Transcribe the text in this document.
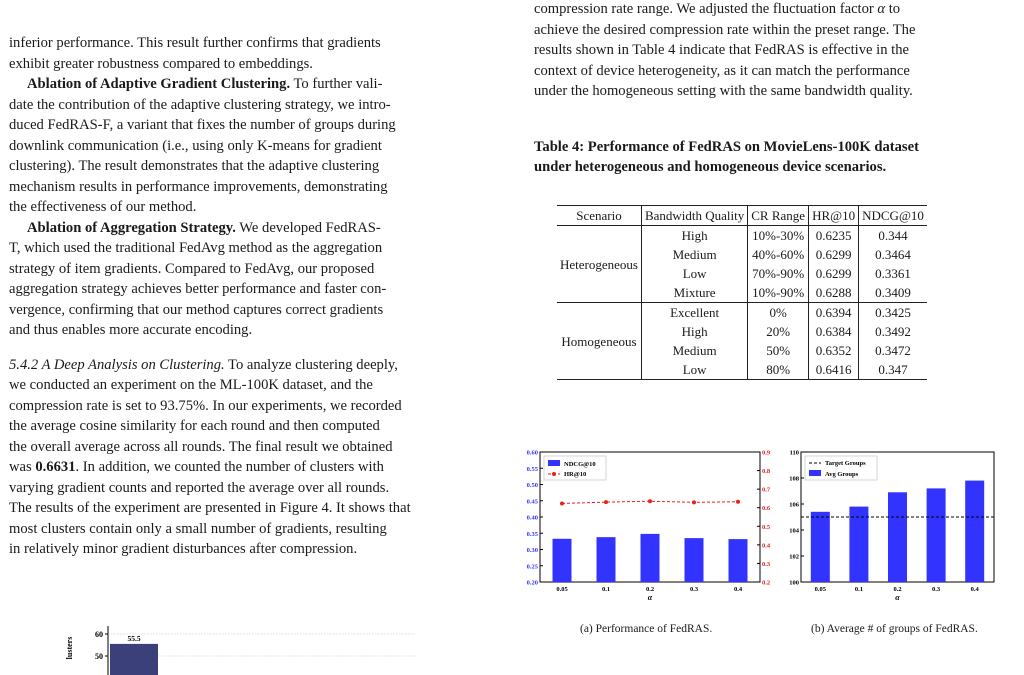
inferior performance. This result further confirms that gradients
exhibit greater robustness compared to embeddings.
Ablation of Adaptive Gradient Clustering. To further vali-
date the contribution of the adaptive clustering strategy, we intro-
duced FedRAS-F, a variant that fixes the number of groups during
downlink communication (i.e., using only K-means for gradient
clustering). The result demonstrates that the adaptive clustering
mechanism results in performance improvements, demonstrating
the effectiveness of our method.
Ablation of Aggregation Strategy. We developed FedRAS-
T, which used the traditional FedAvg method as the aggregation
strategy of item gradients. Compared to FedAvg, our proposed
aggregation strategy achieves better performance and faster con-
vergence, confirming that our method captures correct gradients
and thus enables more accurate encoding.
5.4.2 A Deep Analysis on Clustering. To analyze clustering deeply,
we conducted an experiment on the ML-100K dataset, and the
compression rate is set to 93.75%. In our experiments, we recorded
the average cosine similarity for each round and then computed
the overall average across all rounds. The final result we obtained
was 0.6631. In addition, we counted the number of clusters with
varying gradient counts and reported the average over all rounds.
The results of the experiment are presented in Figure 4. It shows that
most clusters contain only a small number of gradients, resulting
in relatively minor gradient disturbances after compression.
Table 4: Performance of FedRAS on MovieLens-100K dataset
under heterogeneous and homogeneous device scenarios.
Scenario	Bandwidth Quality	CR Range	HR@10	NDCG@10
Heterogeneous	High	10%-30%	0.6235	0.344
	Medium	40%-60%	0.6299	0.3464
	Low	70%-90%	0.6299	0.3361
	Mixture	10%-90%	0.6288	0.3409
Homogeneous	Excellent	0%	0.6394	0.3425
	High	20%	0.6384	0.3492
	Medium	50%	0.6352	0.3472
	Low	80%	0.6416	0.347
compression rate range. We adjusted the fluctuation factor α to
achieve the desired compression rate within the preset range. The
results shown in Table 4 indicate that FedRAS is effective in the
context of device heterogeneity, as it can match the performance
under the homogeneous setting with the same bandwidth quality.
0.20
0.25
0.30
0.35
0.40
0.45
0.50
0.55
0.60
0.2
0.3
0.4
0.5
0.6
0.7
0.8
0.9
0.05	0.1	0.2	0.3	0.4
α
NDCG@10
HR@10
(a) Performance of FedRAS.
100
102
104
106
108
110
0.05	0.1	0.2	0.3	0.4
α
Target Groups
Avg Groups
(b) Average # of groups of FedRAS.
50
60	55.5
lusters
